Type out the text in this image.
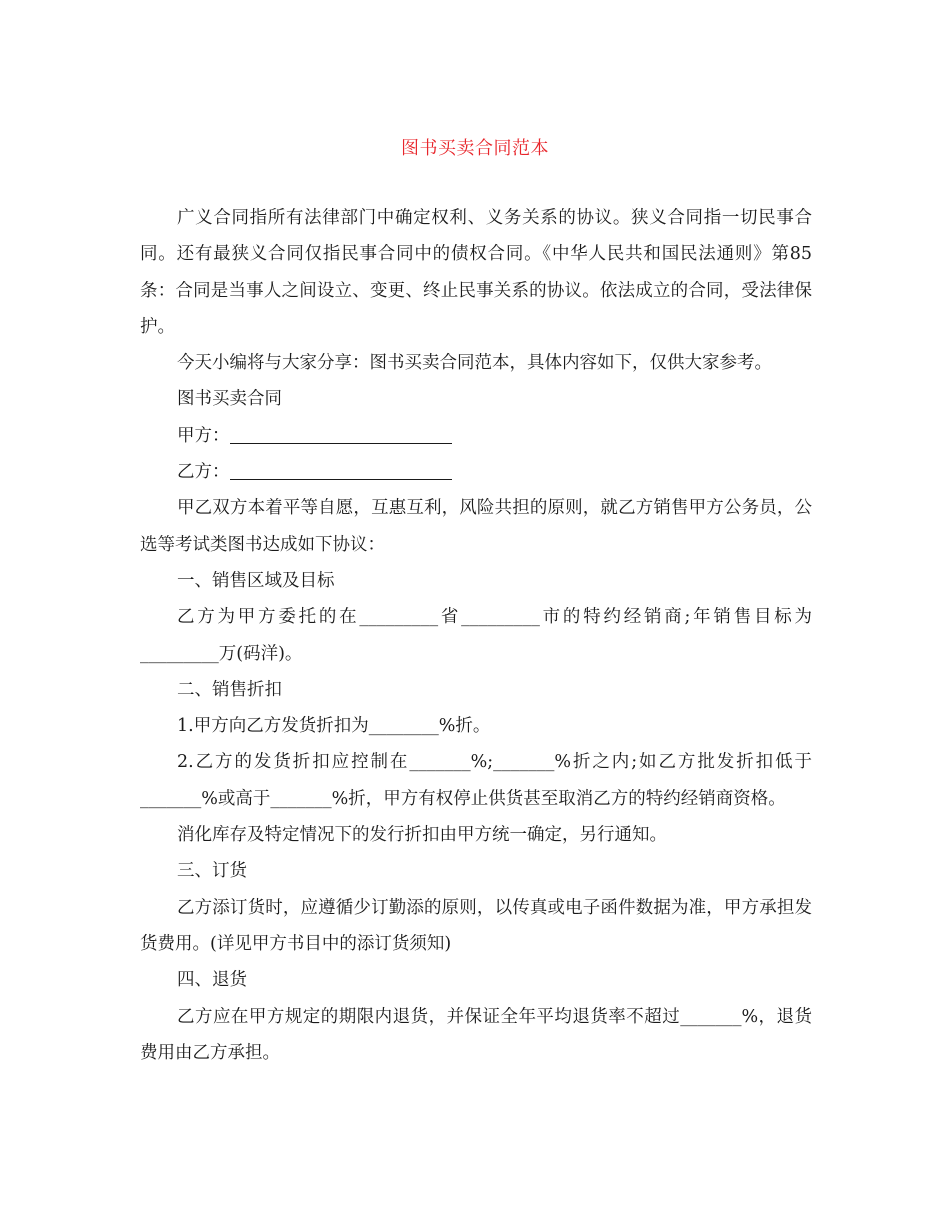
图书买卖合同范本

广义合同指所有法律部门中确定权利、义务关系的协议。狭义合同指一切民事合同。还有最狭义合同仅指民事合同中的债权合同。《中华人民共和国民法通则》第85条：合同是当事人之间设立、变更、终止民事关系的协议。依法成立的合同，受法律保护。

今天小编将与大家分享：图书买卖合同范本，具体内容如下，仅供大家参考。

图书买卖合同

甲方：

乙方：

甲乙双方本着平等自愿，互惠互利，风险共担的原则，就乙方销售甲方公务员，公选等考试类图书达成如下协议：

一、销售区域及目标

乙方为甲方委托的在_________省_________市的特约经销商;年销售目标为_________万(码洋)。

二、销售折扣

1.甲方向乙方发货折扣为________%折。

2.乙方的发货折扣应控制在_______%;_______%折之内;如乙方批发折扣低于_______%或高于_______%折，甲方有权停止供货甚至取消乙方的特约经销商资格。

消化库存及特定情况下的发行折扣由甲方统一确定，另行通知。

三、订货

乙方添订货时，应遵循少订勤添的原则，以传真或电子函件数据为准，甲方承担发货费用。(详见甲方书目中的添订货须知)

四、退货

乙方应在甲方规定的期限内退货，并保证全年平均退货率不超过_______%，退货费用由乙方承担。
